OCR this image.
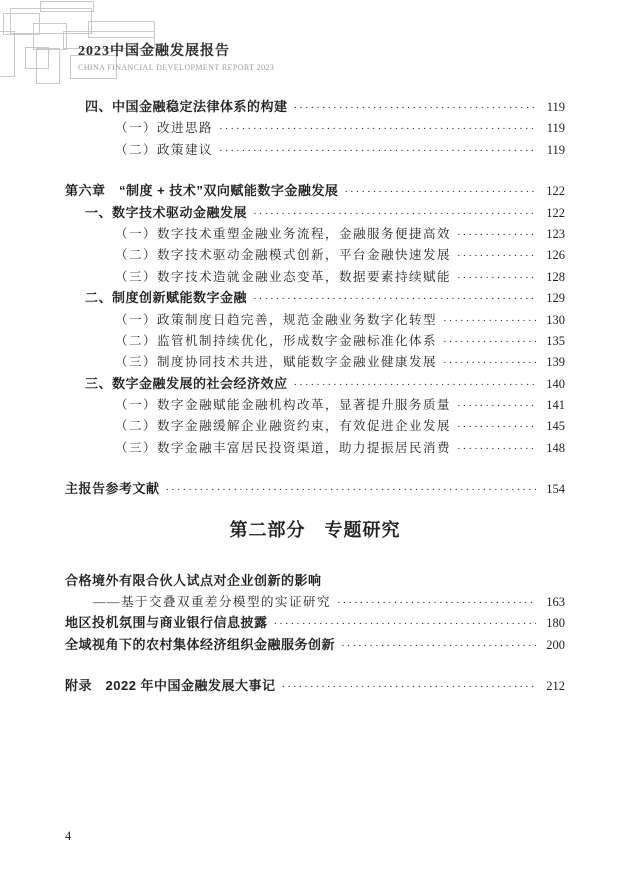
2023中国金融发展报告
CHINA FINANCIAL DEVELOPMENT REPORT 2023
四、中国金融稳定法律体系的构建 ·····	119
（一）改进思路 ·····	119
（二）政策建议 ·····	119
第六章　“制度 + 技术”双向赋能数字金融发展 ·····	122
一、数字技术驱动金融发展 ·····	122
（一）数字技术重塑金融业务流程，金融服务便捷高效 ·····	123
（二）数字技术驱动金融模式创新，平台金融快速发展 ·····	126
（三）数字技术造就金融业态变革，数据要素持续赋能 ·····	128
二、制度创新赋能数字金融 ·····	129
（一）政策制度日趋完善，规范金融业务数字化转型 ·····	130
（二）监管机制持续优化，形成数字金融标准化体系 ·····	135
（三）制度协同技术共进，赋能数字金融业健康发展 ·····	139
三、数字金融发展的社会经济效应 ·····	140
（一）数字金融赋能金融机构改革，显著提升服务质量 ·····	141
（二）数字金融缓解企业融资约束，有效促进企业发展 ·····	145
（三）数字金融丰富居民投资渠道，助力提振居民消费 ·····	148
主报告参考文献 ·····	154
第二部分　专题研究
合格境外有限合伙人试点对企业创新的影响
——基于交叠双重差分模型的实证研究 ·····	163
地区投机氛围与商业银行信息披露 ·····	180
全域视角下的农村集体经济组织金融服务创新 ·····	200
附录　2022 年中国金融发展大事记 ·····	212
4
